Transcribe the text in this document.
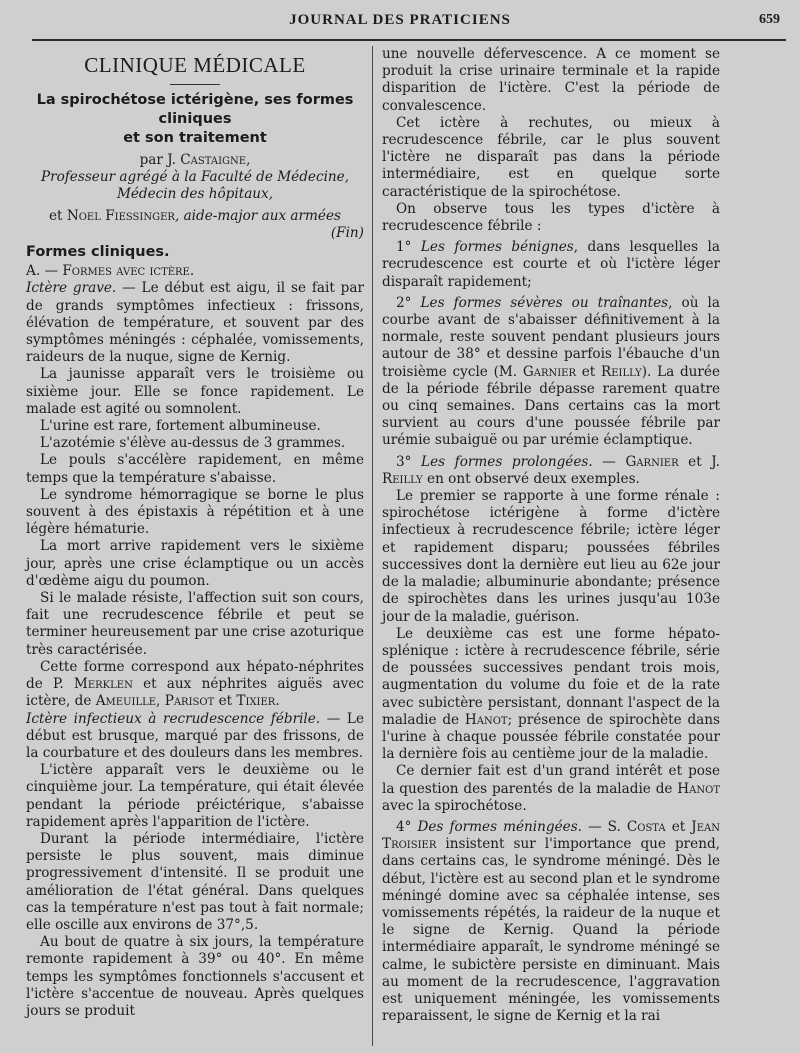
JOURNAL DES PRATICIENS	659
CLINIQUE MÉDICALE
La spirochétose ictérigène, ses formes cliniques
et son traitement

par J. Castaigne,

Professeur agrégé à la Faculté de Médecine,

Médecin des hôpitaux,

et Noel Fiessinger, aide-major aux armées

(Fin)

Formes cliniques.

A. — Formes avec ictère.

Ictère grave. — Le début est aigu, il se fait par de grands symptômes infectieux : frissons, élévation de température, et souvent par des symptômes méningés : céphalée, vomissements, raideurs de la nuque, signe de Kernig.

La jaunisse apparaît vers le troisième ou sixième jour. Elle se fonce rapidement. Le malade est agité ou somnolent.

L'urine est rare, fortement albumineuse.

L'azotémie s'élève au-dessus de 3 grammes.

Le pouls s'accélère rapidement, en même temps que la température s'abaisse.

Le syndrome hémorragique se borne le plus souvent à des épistaxis à répétition et à une légère hématurie.

La mort arrive rapidement vers le sixième jour, après une crise éclamptique ou un accès d'œdème aigu du poumon.

Si le malade résiste, l'affection suit son cours, fait une recrudescence fébrile et peut se terminer heureusement par une crise azoturique très caractérisée.

Cette forme correspond aux hépato-néphrites de P. Merklen et aux néphrites aiguës avec ictère, de Ameuille, Parisot et Tixier.

Ictère infectieux à recrudescence fébrile. — Le début est brusque, marqué par des frissons, de la courbature et des douleurs dans les membres.

L'ictère apparaît vers le deuxième ou le cinquième jour. La température, qui était élevée pendant la période préictérique, s'abaisse rapidement après l'apparition de l'ictère.

Durant la période intermédiaire, l'ictère persiste le plus souvent, mais diminue progressivement d'intensité. Il se produit une amélioration de l'état général. Dans quelques cas la température n'est pas tout à fait normale; elle oscille aux environs de 37°,5.

Au bout de quatre à six jours, la température remonte rapidement à 39° ou 40°. En même temps les symptômes fonctionnels s'accusent et l'ictère s'accentue de nouveau. Après quelques jours se produit

une nouvelle défervescence. A ce moment se produit la crise urinaire terminale et la rapide disparition de l'ictère. C'est la période de convalescence.

Cet ictère à rechutes, ou mieux à recrudescence fébrile, car le plus souvent l'ictère ne disparaît pas dans la période intermédiaire, est en quelque sorte caractéristique de la spirochétose.

On observe tous les types d'ictère à recrudescence fébrile :

1° Les formes bénignes, dans lesquelles la recrudescence est courte et où l'ictère léger disparaît rapidement;

2° Les formes sévères ou traînantes, où la courbe avant de s'abaisser définitivement à la normale, reste souvent pendant plusieurs jours autour de 38° et dessine parfois l'ébauche d'un troisième cycle (M. Garnier et Reilly). La durée de la période fébrile dépasse rarement quatre ou cinq semaines. Dans certains cas la mort survient au cours d'une poussée fébrile par urémie subaiguë ou par urémie éclamptique.

3° Les formes prolongées. — Garnier et J. Reilly en ont observé deux exemples.

Le premier se rapporte à une forme rénale : spirochétose ictérigène à forme d'ictère infectieux à recrudescence fébrile; ictère léger et rapidement disparu; poussées fébriles successives dont la dernière eut lieu au 62e jour de la maladie; albuminurie abondante; présence de spirochètes dans les urines jusqu'au 103e jour de la maladie, guérison.

Le deuxième cas est une forme hépato-splénique : ictère à recrudescence fébrile, série de poussées successives pendant trois mois, augmentation du volume du foie et de la rate avec subictère persistant, donnant l'aspect de la maladie de Hanot; présence de spirochète dans l'urine à chaque poussée fébrile constatée pour la dernière fois au centième jour de la maladie.

Ce dernier fait est d'un grand intérêt et pose la question des parentés de la maladie de Hanot avec la spirochétose.

4° Des formes méningées. — S. Costa et Jean Troisier insistent sur l'importance que prend, dans certains cas, le syndrome méningé. Dès le début, l'ictère est au second plan et le syndrome méningé domine avec sa céphalée intense, ses vomissements répétés, la raideur de la nuque et le signe de Kernig. Quand la période intermédiaire apparaît, le syndrome méningé se calme, le subictère persiste en diminuant. Mais au moment de la recrudescence, l'aggravation est uniquement méningée, les vomissements reparaissent, le signe de Kernig et la rai
